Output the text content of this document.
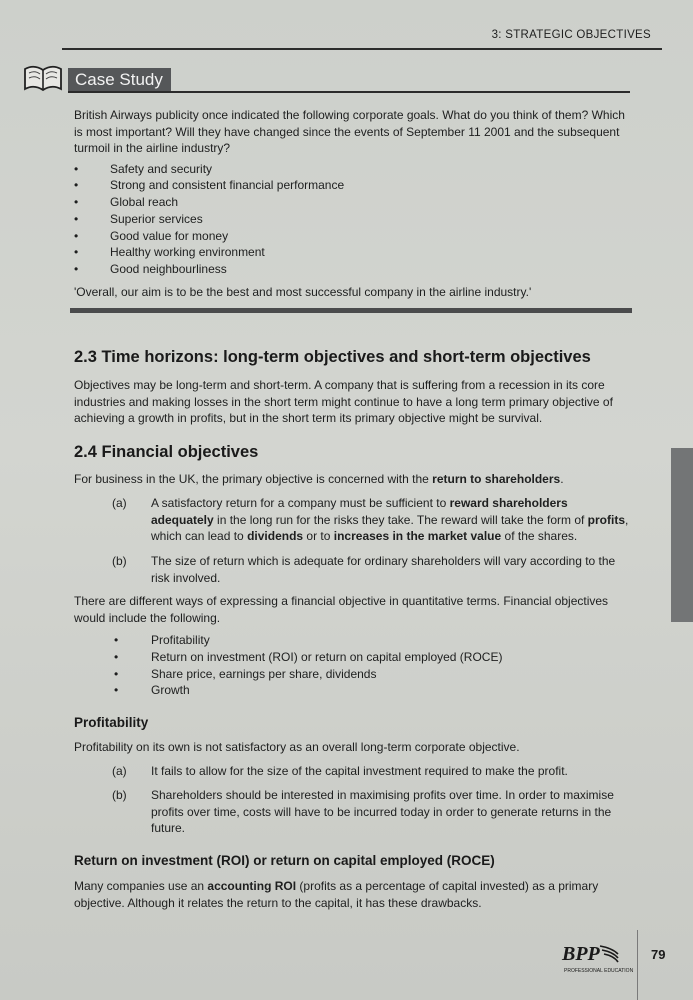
3: STRATEGIC OBJECTIVES
Case Study
British Airways publicity once indicated the following corporate goals. What do you think of them? Which is most important? Will they have changed since the events of September 11 2001 and the subsequent turmoil in the airline industry?
• Safety and security
• Strong and consistent financial performance
• Global reach
• Superior services
• Good value for money
• Healthy working environment
• Good neighbourliness
'Overall, our aim is to be the best and most successful company in the airline industry.'
2.3 Time horizons: long-term objectives and short-term objectives

Objectives may be long-term and short-term. A company that is suffering from a recession in its core industries and making losses in the short term might continue to have a long term primary objective of achieving a growth in profits, but in the short term its primary objective might be survival.

2.4 Financial objectives

For business in the UK, the primary objective is concerned with the return to shareholders.

(a)	A satisfactory return for a company must be sufficient to reward shareholders adequately in the long run for the risks they take. The reward will take the form of profits, which can lead to dividends or to increases in the market value of the shares.
(b)	The size of return which is adequate for ordinary shareholders will vary according to the risk involved.

There are different ways of expressing a financial objective in quantitative terms. Financial objectives would include the following.

• Profitability
• Return on investment (ROI) or return on capital employed (ROCE)
• Share price, earnings per share, dividends
• Growth
Profitability

Profitability on its own is not satisfactory as an overall long-term corporate objective.

(a)	It fails to allow for the size of the capital investment required to make the profit.
(b)	Shareholders should be interested in maximising profits over time. In order to maximise profits over time, costs will have to be incurred today in order to generate returns in the future.
Return on investment (ROI) or return on capital employed (ROCE)

Many companies use an accounting ROI (profits as a percentage of capital invested) as a primary objective. Although it relates the return to the capital, it has these drawbacks.

BPP
PROFESSIONAL EDUCATION
79
